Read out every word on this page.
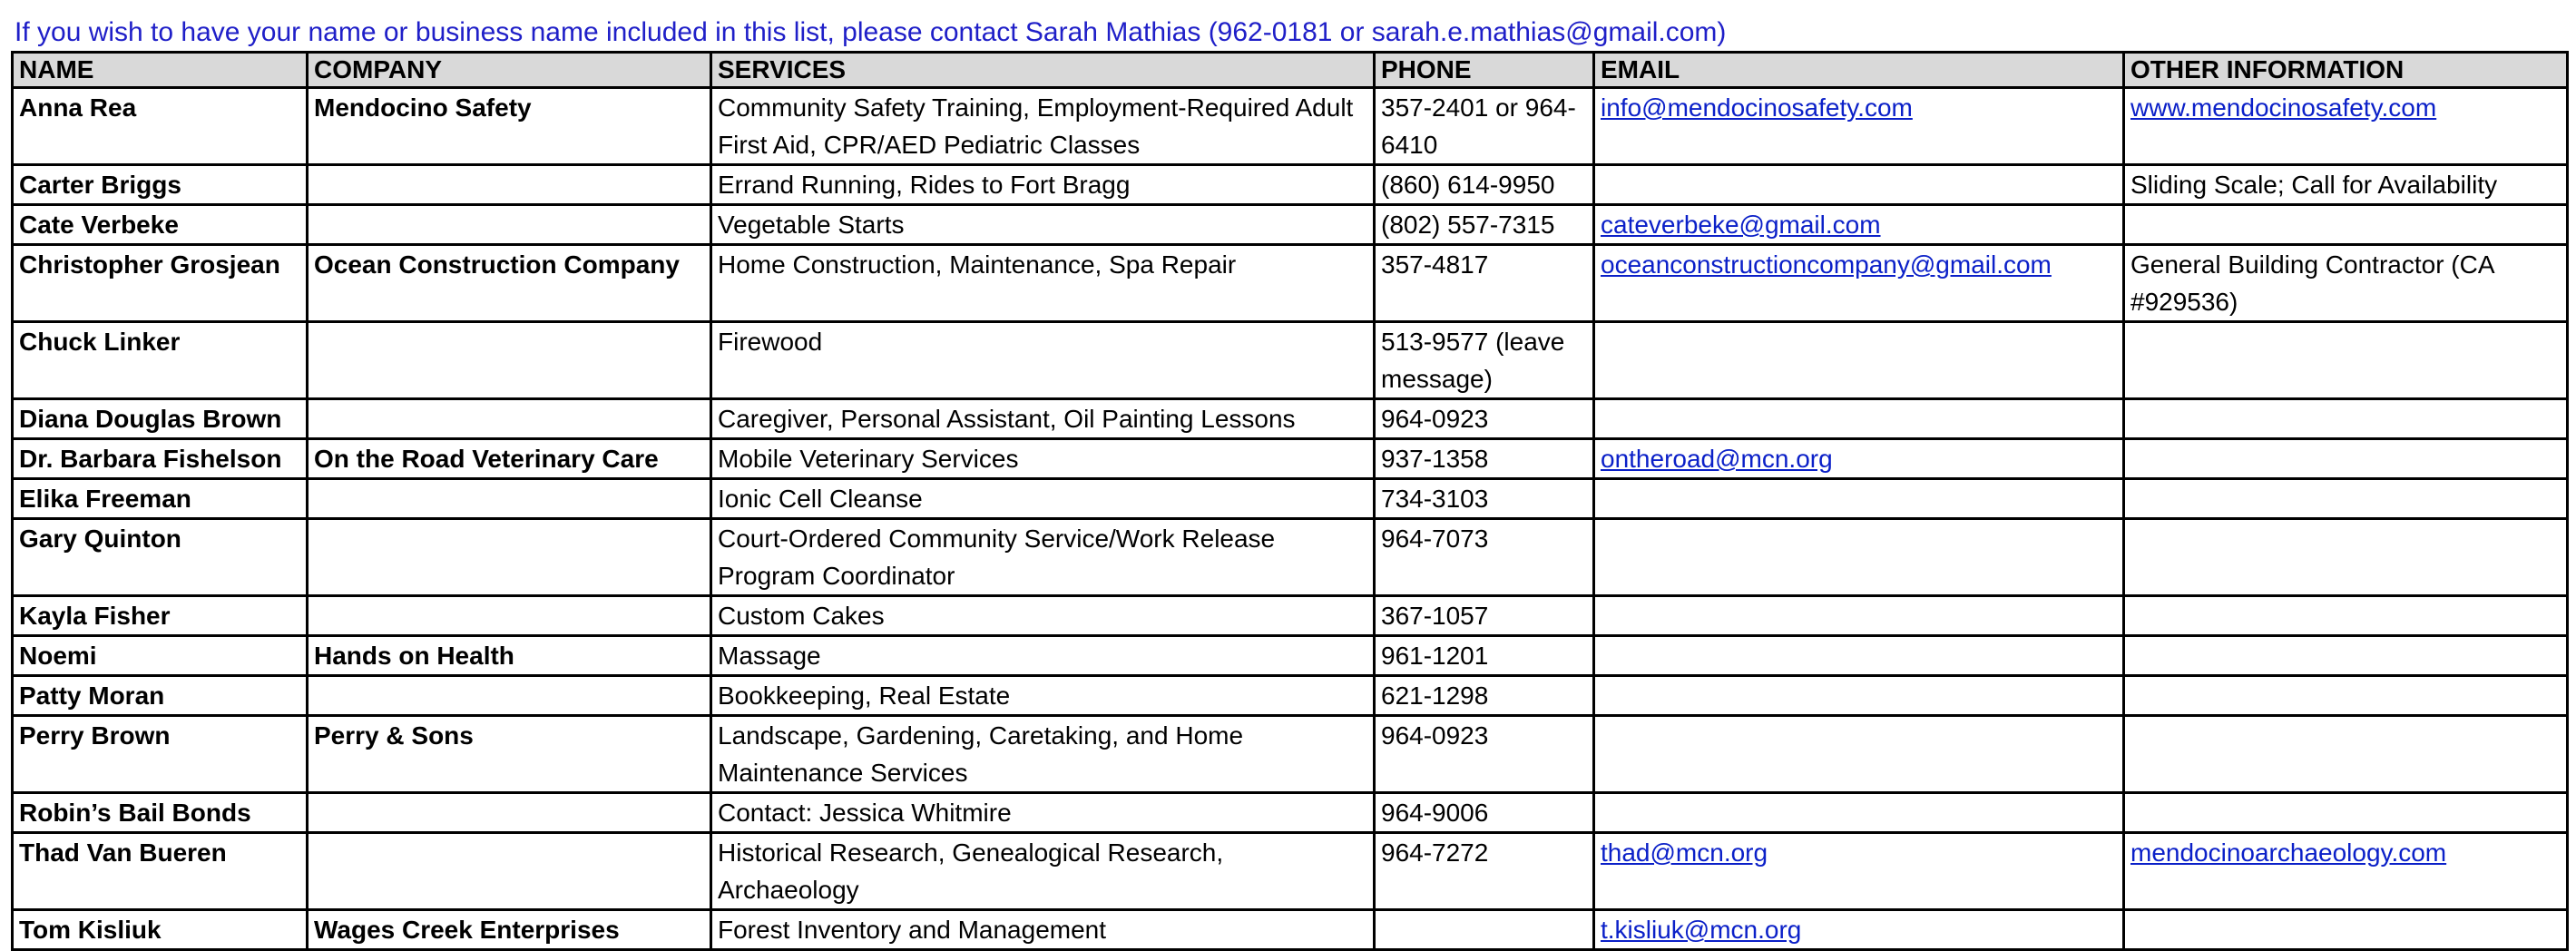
If you wish to have your name or business name included in this list, please contact Sarah Mathias (962-0181 or sarah.e.mathias@gmail.com)
NAME	COMPANY	SERVICES	PHONE	EMAIL	OTHER INFORMATION
Anna Rea	Mendocino Safety	Community Safety Training, Employment-Required Adult First Aid, CPR/AED Pediatric Classes	357-2401 or 964-6410	info@mendocinosafety.com	www.mendocinosafety.com
Carter Briggs		Errand Running, Rides to Fort Bragg	(860) 614-9950		Sliding Scale; Call for Availability
Cate Verbeke		Vegetable Starts	(802) 557-7315	cateverbeke@gmail.com	
Christopher Grosjean	Ocean Construction Company	Home Construction, Maintenance, Spa Repair	357-4817	oceanconstructioncompany@gmail.com	General Building Contractor (CA #929536)
Chuck Linker		Firewood	513-9577 (leave message)		
Diana Douglas Brown		Caregiver, Personal Assistant, Oil Painting Lessons	964-0923		
Dr. Barbara Fishelson	On the Road Veterinary Care	Mobile Veterinary Services	937-1358	ontheroad@mcn.org	
Elika Freeman		Ionic Cell Cleanse	734-3103		
Gary Quinton		Court-Ordered Community Service/Work Release Program Coordinator	964-7073		
Kayla Fisher		Custom Cakes	367-1057		
Noemi	Hands on Health	Massage	961-1201		
Patty Moran		Bookkeeping, Real Estate	621-1298		
Perry Brown	Perry & Sons	Landscape, Gardening, Caretaking, and Home Maintenance Services	964-0923		
Robin’s Bail Bonds		Contact: Jessica Whitmire	964-9006		
Thad Van Bueren		Historical Research, Genealogical Research, Archaeology	964-7272	thad@mcn.org	mendocinoarchaeology.com
Tom Kisliuk	Wages Creek Enterprises	Forest Inventory and Management		t.kisliuk@mcn.org	
